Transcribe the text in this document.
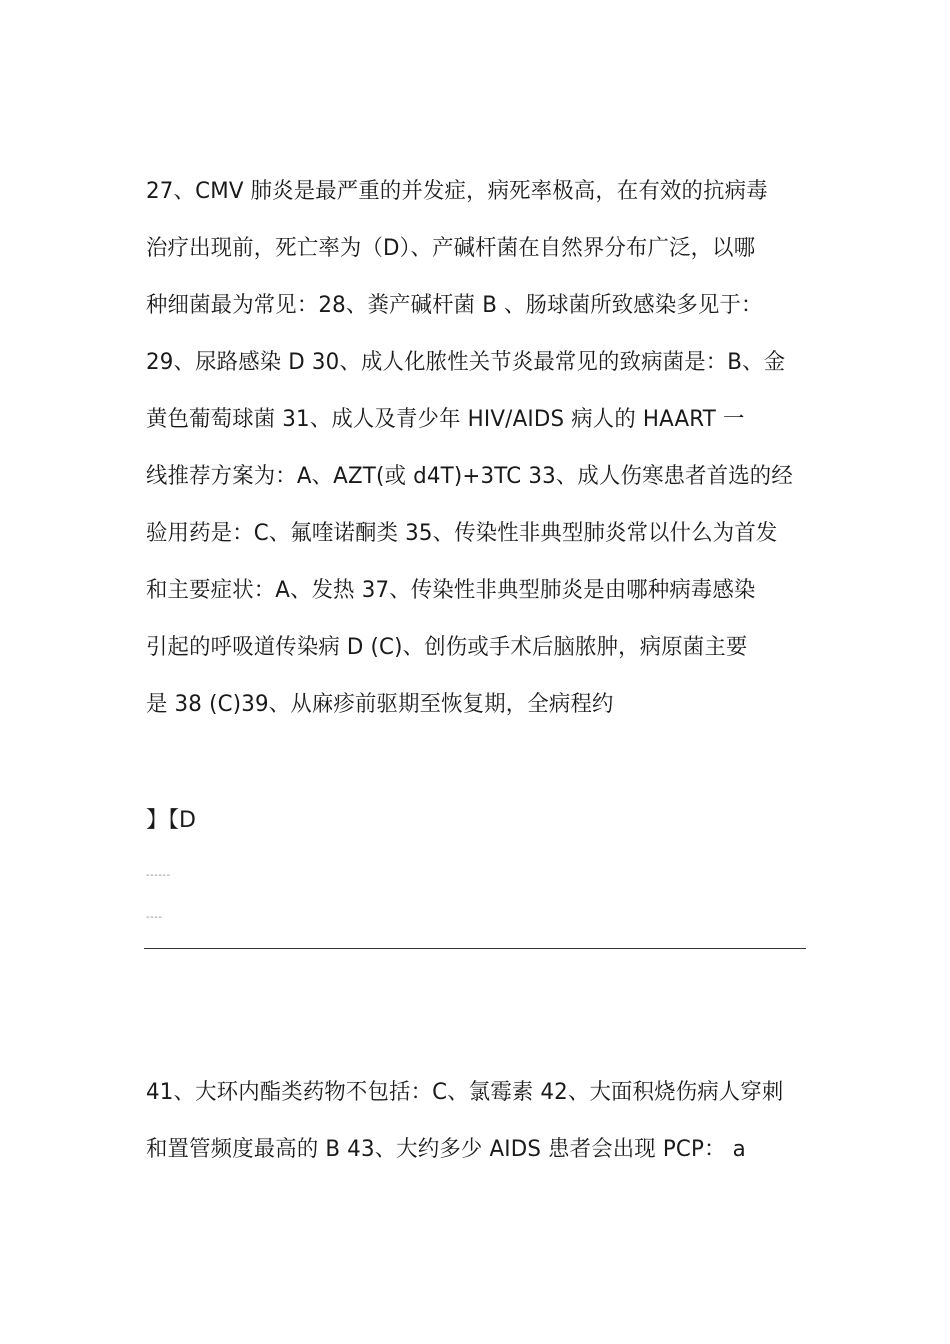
27、CMV 肺炎是最严重的并发症，病死率极高，在有效的抗病毒
治疗出现前，死亡率为（D）、产碱杆菌在自然界分布广泛，以哪
种细菌最为常见：28、粪产碱杆菌 B 、肠球菌所致感染多见于：
29、尿路感染 D 30、成人化脓性关节炎最常见的致病菌是：B、金
黄色葡萄球菌 31、成人及青少年 HIV/AIDS 病人的 HAART 一
线推荐方案为：A、AZT(或 d4T)+3TC 33、成人伤寒患者首选的经
验用药是：C、氟喹诺酮类 35、传染性非典型肺炎常以什么为首发
和主要症状：A、发热 37、传染性非典型肺炎是由哪种病毒感染
引起的呼吸道传染病 D (C)、创伤或手术后脑脓肿，病原菌主要
是 38 (C)39、从麻疹前驱期至恢复期，全病程约
】【D
------
----
41、大环内酯类药物不包括：C、氯霉素 42、大面积烧伤病人穿刺
和置管频度最高的 B 43、大约多少 AIDS 患者会出现 PCP： a
